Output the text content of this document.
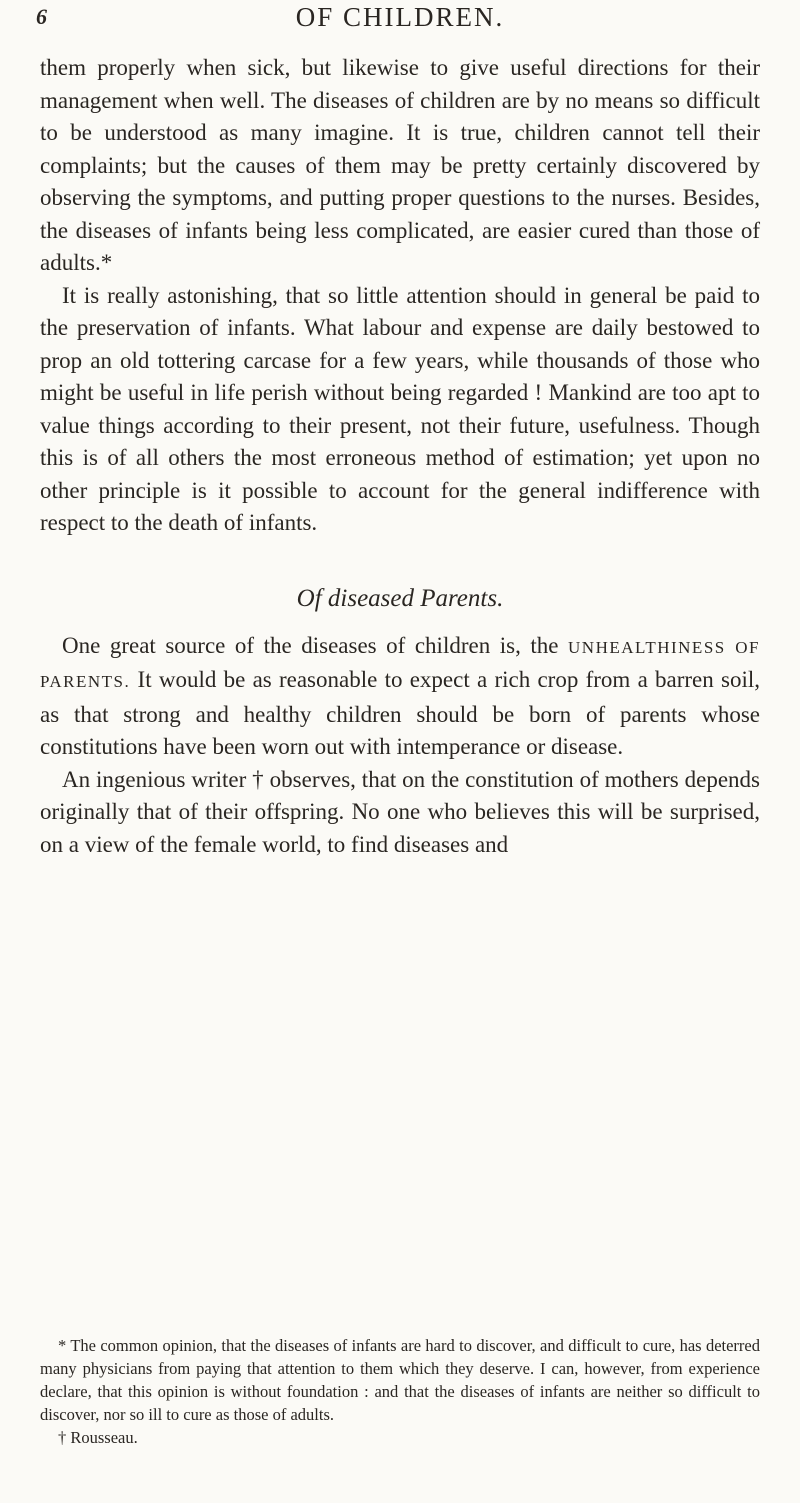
6	OF CHILDREN.

them properly when sick, but likewise to give useful directions for their management when well. The diseases of children are by no means so difficult to be understood as many imagine. It is true, children cannot tell their complaints; but the causes of them may be pretty certainly discovered by observing the symptoms, and putting proper questions to the nurses. Besides, the diseases of infants being less complicated, are easier cured than those of adults.*

It is really astonishing, that so little attention should in general be paid to the preservation of infants. What labour and expense are daily bestowed to prop an old tottering carcase for a few years, while thousands of those who might be useful in life perish without being regarded ! Mankind are too apt to value things according to their present, not their future, usefulness. Though this is of all others the most erroneous method of estimation; yet upon no other principle is it possible to account for the general indifference with respect to the death of infants.

Of diseased Parents.

One great source of the diseases of children is, the UNHEALTHINESS OF PARENTS. It would be as reasonable to expect a rich crop from a barren soil, as that strong and healthy children should be born of parents whose constitutions have been worn out with intemperance or disease.

An ingenious writer † observes, that on the constitution of mothers depends originally that of their offspring. No one who believes this will be surprised, on a view of the female world, to find diseases and

* The common opinion, that the diseases of infants are hard to discover, and difficult to cure, has deterred many physicians from paying that attention to them which they deserve. I can, however, from experience declare, that this opinion is without foundation : and that the diseases of infants are neither so difficult to discover, nor so ill to cure as those of adults.

† Rousseau.
